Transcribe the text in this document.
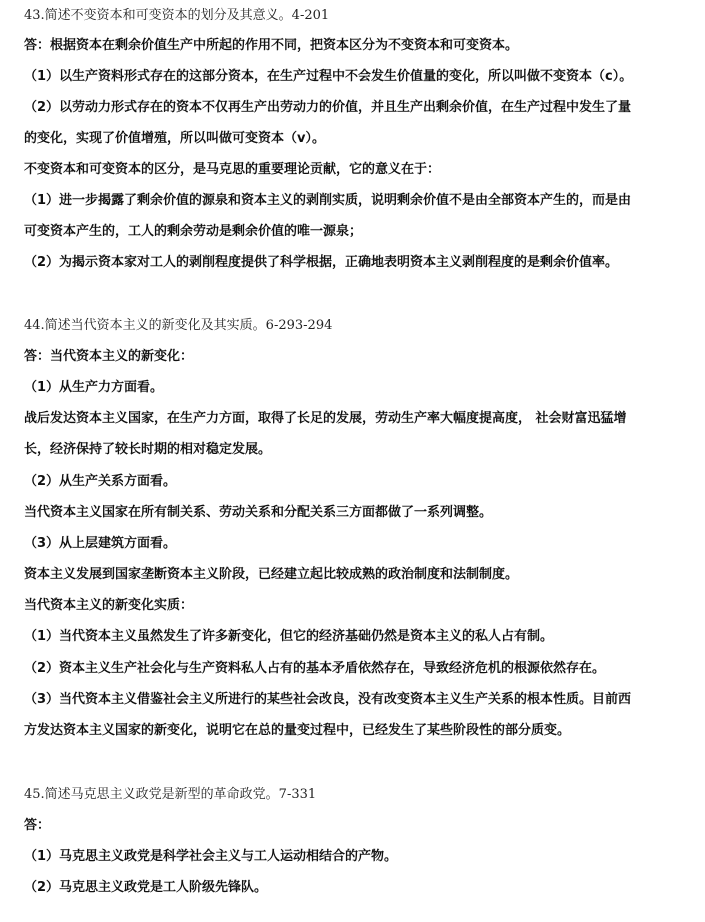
43.简述不变资本和可变资本的划分及其意义。4-201
答：根据资本在剩余价值生产中所起的作用不同，把资本区分为不变资本和可变资本。
（1）以生产资料形式存在的这部分资本，在生产过程中不会发生价值量的变化，所以叫做不变资本（c）。
（2）以劳动力形式存在的资本不仅再生产出劳动力的价值，并且生产出剩余价值，在生产过程中发生了量
的变化，实现了价值增殖，所以叫做可变资本（v）。
不变资本和可变资本的区分，是马克思的重要理论贡献，它的意义在于：
（1）进一步揭露了剩余价值的源泉和资本主义的剥削实质，说明剩余价值不是由全部资本产生的，而是由
可变资本产生的，工人的剩余劳动是剩余价值的唯一源泉；
（2）为揭示资本家对工人的剥削程度提供了科学根据，正确地表明资本主义剥削程度的是剩余价值率。
44.简述当代资本主义的新变化及其实质。6-293-294
答：当代资本主义的新变化：
（1）从生产力方面看。
战后发达资本主义国家，在生产力方面，取得了长足的发展，劳动生产率大幅度提高度， 社会财富迅猛增
长，经济保持了较长时期的相对稳定发展。
（2）从生产关系方面看。
当代资本主义国家在所有制关系、劳动关系和分配关系三方面都做了一系列调整。
（3）从上层建筑方面看。
资本主义发展到国家垄断资本主义阶段，已经建立起比较成熟的政治制度和法制制度。
当代资本主义的新变化实质：
（1）当代资本主义虽然发生了许多新变化，但它的经济基础仍然是资本主义的私人占有制。
（2）资本主义生产社会化与生产资料私人占有的基本矛盾依然存在，导致经济危机的根源依然存在。
（3）当代资本主义借鉴社会主义所进行的某些社会改良，没有改变资本主义生产关系的根本性质。目前西
方发达资本主义国家的新变化，说明它在总的量变过程中，已经发生了某些阶段性的部分质变。
45.简述马克思主义政党是新型的革命政党。7-331
答：
（1）马克思主义政党是科学社会主义与工人运动相结合的产物。
（2）马克思主义政党是工人阶级先锋队。
